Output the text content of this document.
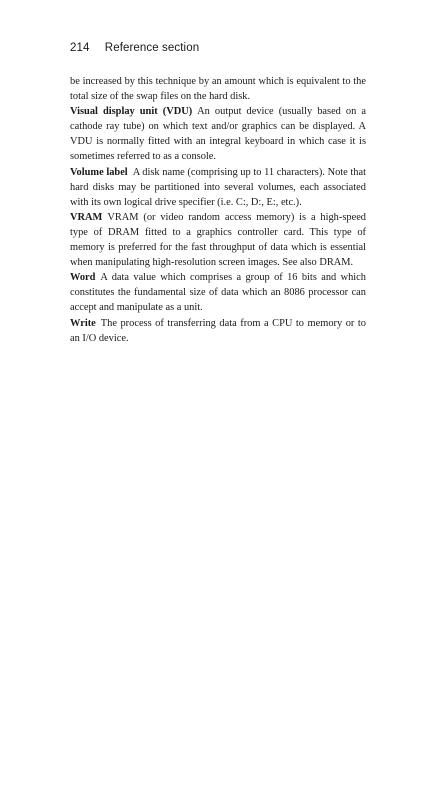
214 Reference section

be increased by this technique by an amount which is equivalent to the total size of the swap files on the hard disk.

Visual display unit (VDU) An output device (usually based on a cathode ray tube) on which text and/or graphics can be displayed. A VDU is normally fitted with an integral keyboard in which case it is sometimes referred to as a console.

Volume label A disk name (comprising up to 11 characters). Note that hard disks may be partitioned into several volumes, each associated with its own logical drive specifier (i.e. C:, D:, E:, etc.).

VRAM VRAM (or video random access memory) is a high-speed type of DRAM fitted to a graphics controller card. This type of memory is preferred for the fast throughput of data which is essential when manipulating high-resolution screen images. See also DRAM.

Word A data value which comprises a group of 16 bits and which constitutes the fundamental size of data which an 8086 processor can accept and manipulate as a unit.

Write The process of transferring data from a CPU to memory or to an I/O device.
